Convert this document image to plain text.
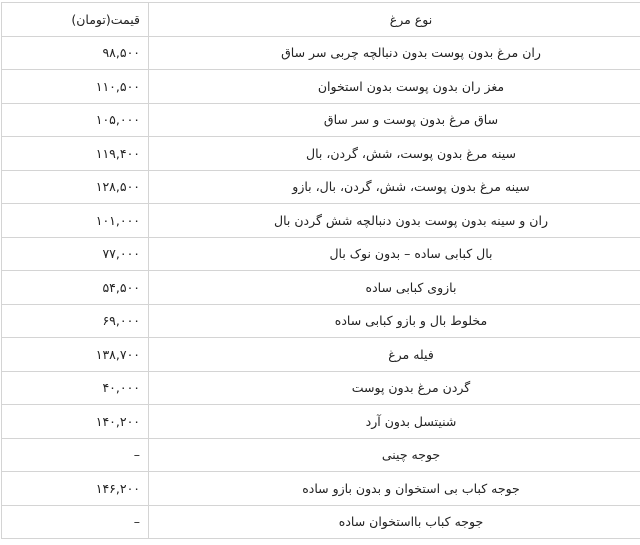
نوع مرغ	قیمت(تومان)
ران مرغ بدون پوست بدون دنبالچه چربی سر ساق	۹۸,۵۰۰
مغز ران بدون پوست بدون استخوان	۱۱۰,۵۰۰
ساق مرغ بدون پوست و سر ساق	۱۰۵,۰۰۰
سینه مرغ بدون پوست، شش، گردن، بال	۱۱۹,۴۰۰
سینه مرغ بدون پوست، شش، گردن، بال، بازو	۱۲۸,۵۰۰
ران و سینه بدون پوست بدون دنبالچه شش گردن بال	۱۰۱,۰۰۰
بال کبابی ساده – بدون نوک بال	۷۷,۰۰۰
بازوی کبابی ساده	۵۴,۵۰۰
مخلوط بال و بازو کبابی ساده	۶۹,۰۰۰
فیله مرغ	۱۳۸,۷۰۰
گردن مرغ بدون پوست	۴۰,۰۰۰
شنیتسل بدون آرد	۱۴۰,۲۰۰
جوجه چینی	–
جوجه کباب بی استخوان و بدون بازو ساده	۱۴۶,۲۰۰
جوجه کباب بااستخوان ساده	–
